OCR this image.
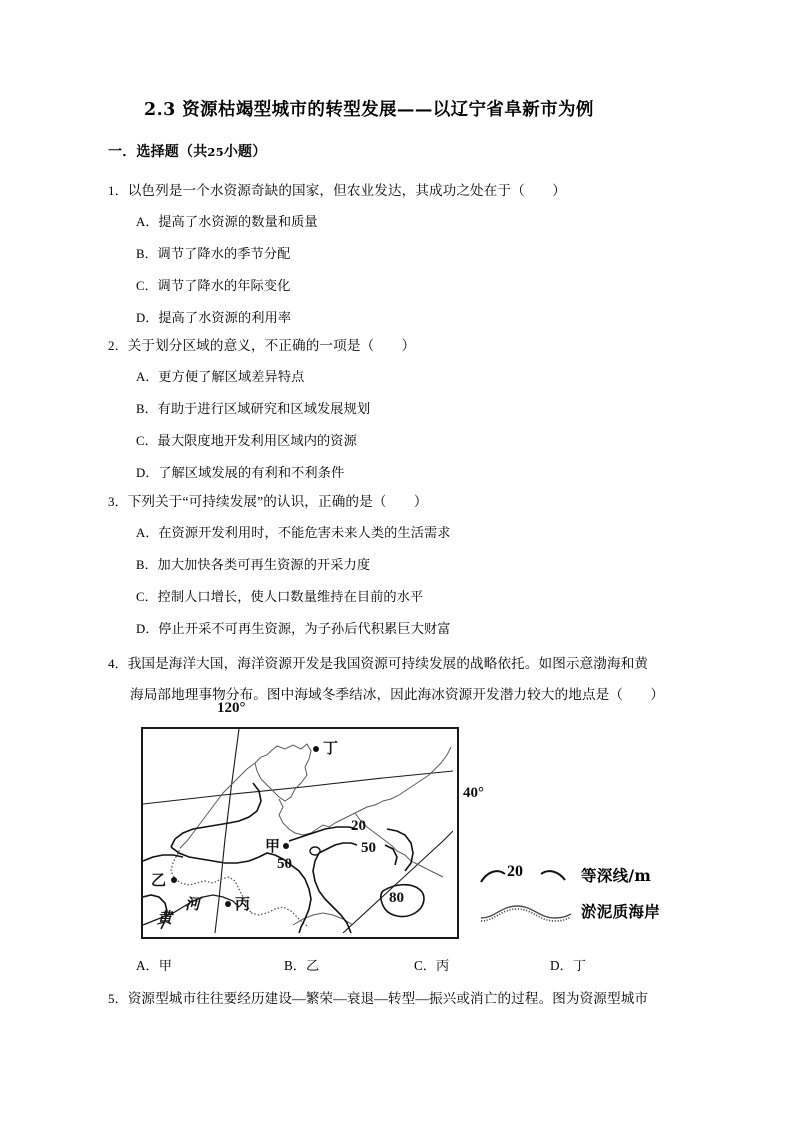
2.3 资源枯竭型城市的转型发展——以辽宁省阜新市为例
一．选择题（共25小题）
1．以色列是一个水资源奇缺的国家，但农业发达，其成功之处在于（　　）
A．提高了水资源的数量和质量
B．调节了降水的季节分配
C．调节了降水的年际变化
D．提高了水资源的利用率
2．关于划分区域的意义，不正确的一项是（　　）
A．更方便了解区域差异特点
B．有助于进行区域研究和区域发展规划
C．最大限度地开发利用区域内的资源
D．了解区域发展的有利和不利条件
3．下列关于“可持续发展”的认识，正确的是（　　）
A．在资源开发利用时，不能危害未来人类的生活需求
B．加大加快各类可再生资源的开采力度
C．控制人口增长，使人口数量维持在目前的水平
D．停止开采不可再生资源，为子孙后代积累巨大财富
4．我国是海洋大国，海洋资源开发是我国资源可持续发展的战略依托。如图示意渤海和黄
海局部地理事物分布。图中海域冬季结冰，因此海冰资源开发潜力较大的地点是（　　）
120°
40°
丁
甲
乙
丙
黄
河
20
50
50
80
20	等深线/m
淤泥质海岸
A．甲	B．乙	C．丙	D．丁
5．资源型城市往往要经历建设—繁荣—衰退—转型—振兴或消亡的过程。图为资源型城市
